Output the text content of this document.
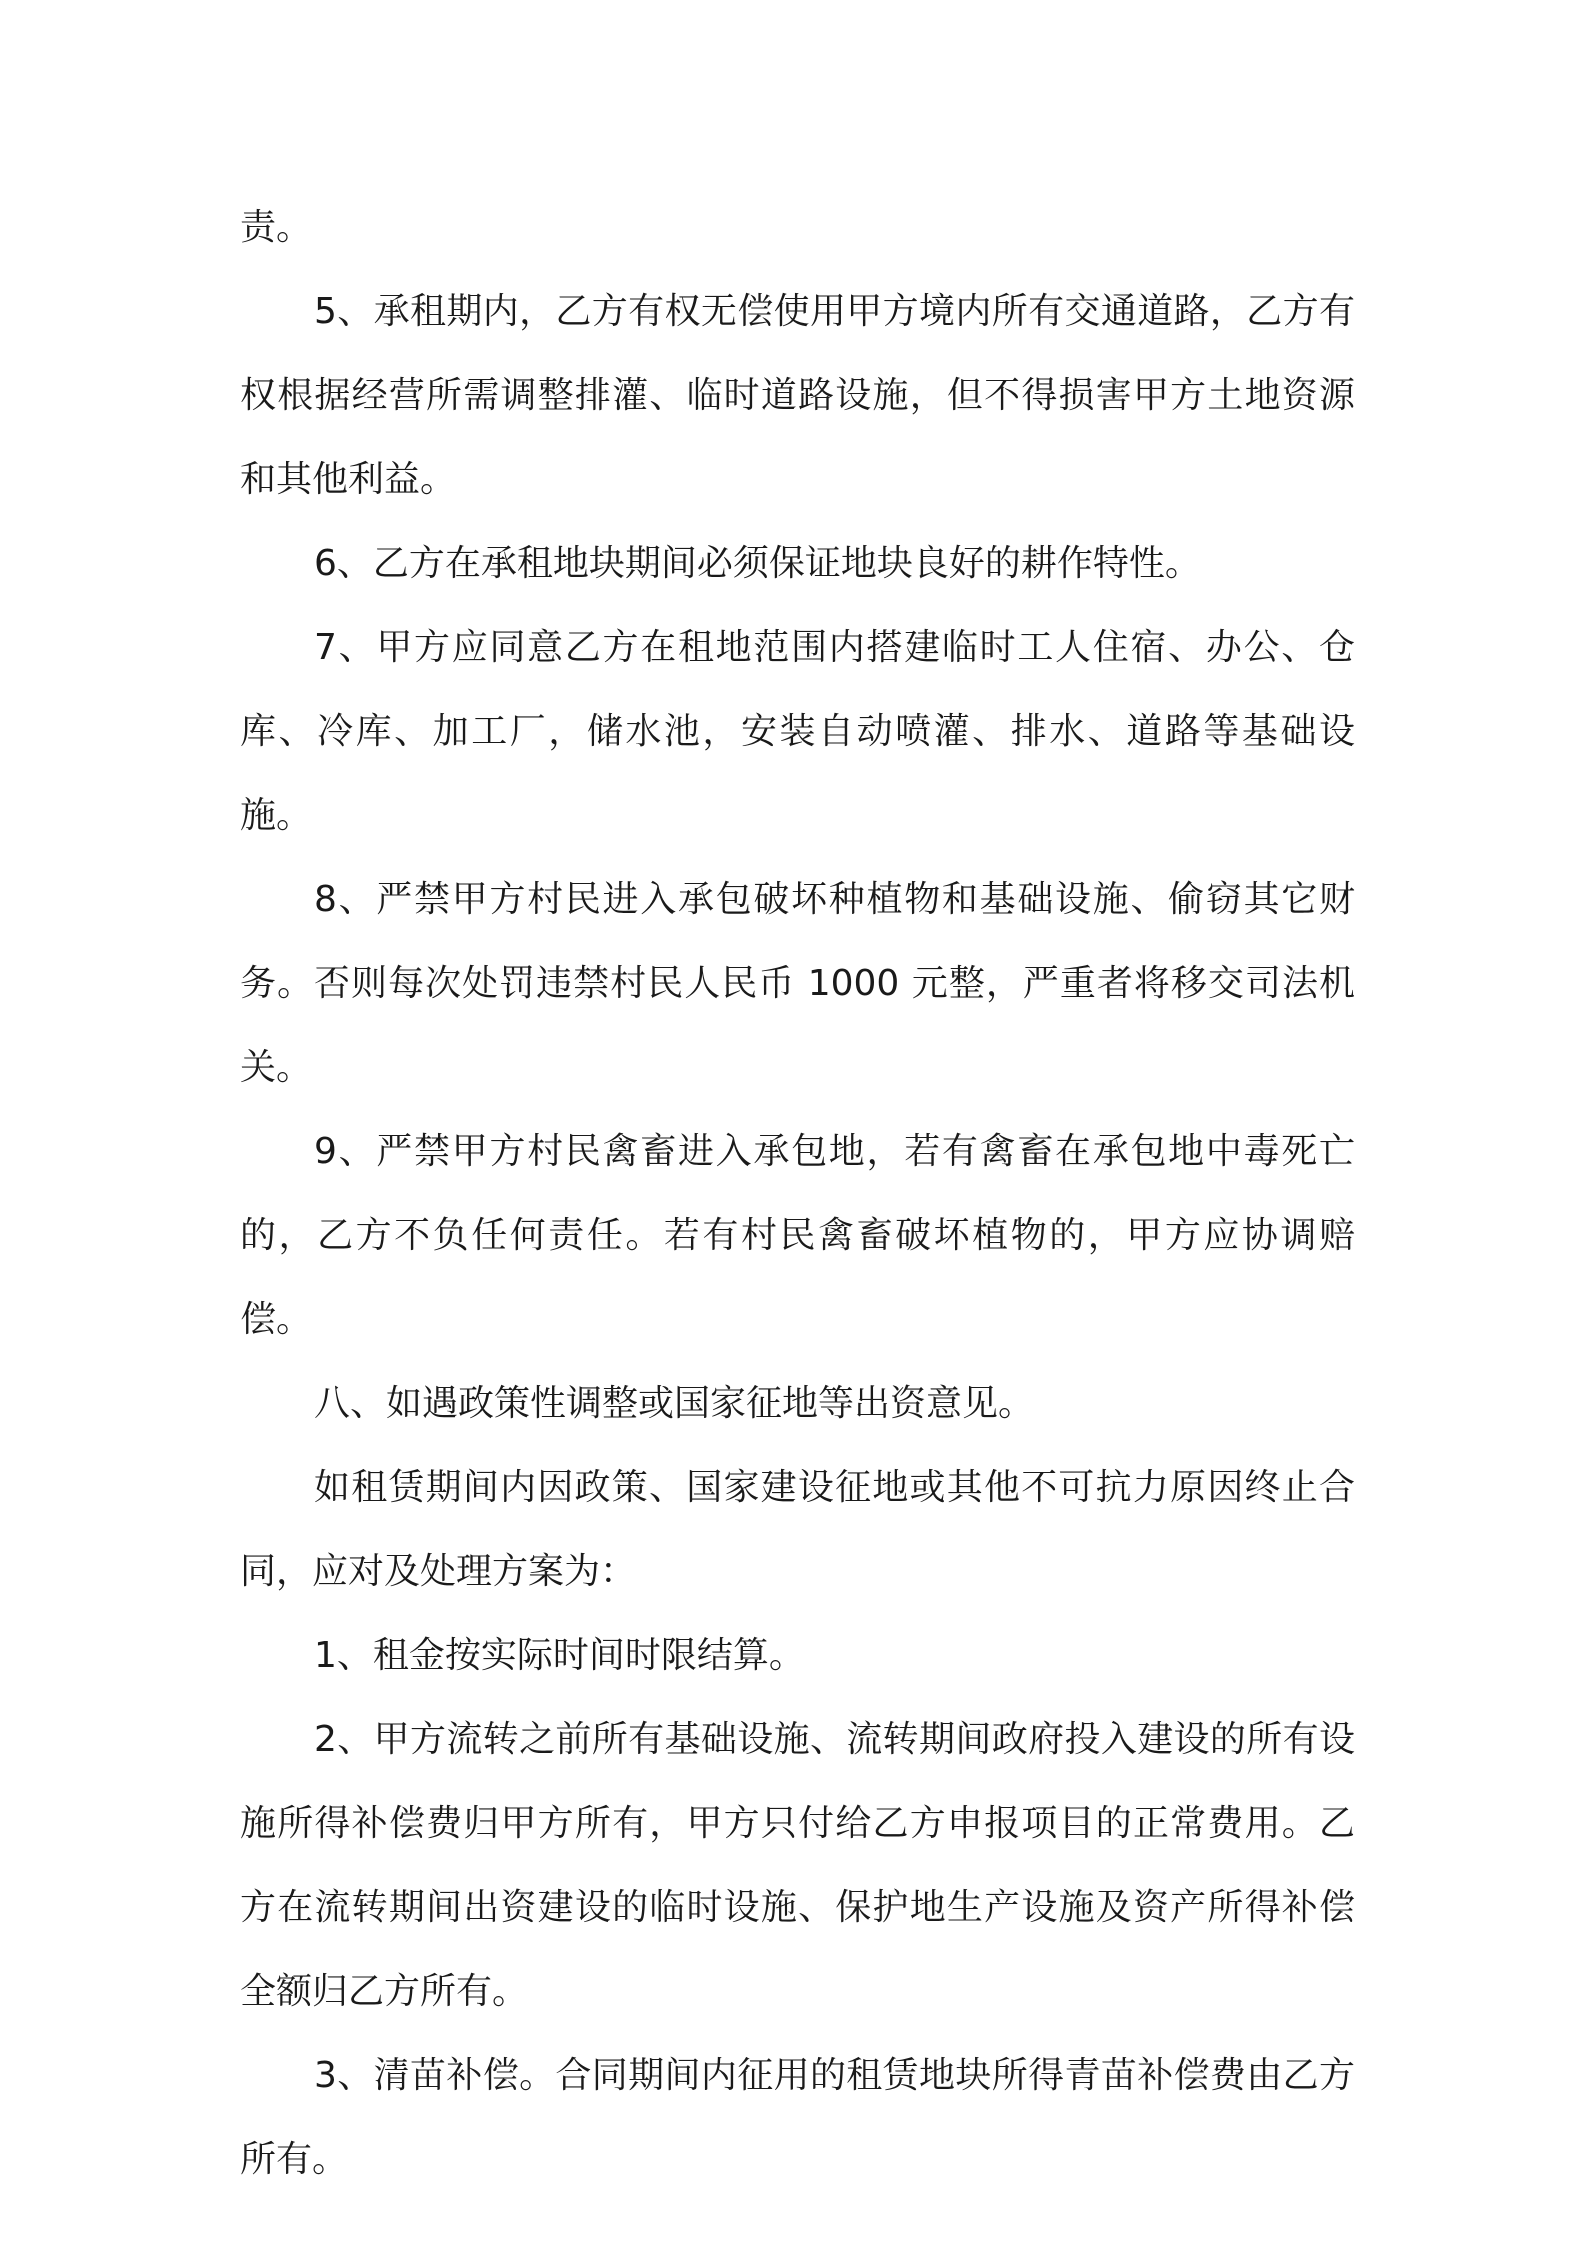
责。

5、承租期内，乙方有权无偿使用甲方境内所有交通道路，乙方有权根据经营所需调整排灌、临时道路设施，但不得损害甲方土地资源和其他利益。

6、乙方在承租地块期间必须保证地块良好的耕作特性。

7、甲方应同意乙方在租地范围内搭建临时工人住宿、办公、仓库、冷库、加工厂，储水池，安装自动喷灌、排水、道路等基础设施。

8、严禁甲方村民进入承包破坏种植物和基础设施、偷窃其它财务。否则每次处罚违禁村民人民币 1000 元整，严重者将移交司法机关。

9、严禁甲方村民禽畜进入承包地，若有禽畜在承包地中毒死亡的，乙方不负任何责任。若有村民禽畜破坏植物的，甲方应协调赔偿。

八、如遇政策性调整或国家征地等出资意见。

如租赁期间内因政策、国家建设征地或其他不可抗力原因终止合同，应对及处理方案为：

1、租金按实际时间时限结算。

2、甲方流转之前所有基础设施、流转期间政府投入建设的所有设施所得补偿费归甲方所有，甲方只付给乙方申报项目的正常费用。乙方在流转期间出资建设的临时设施、保护地生产设施及资产所得补偿全额归乙方所有。

3、清苗补偿。合同期间内征用的租赁地块所得青苗补偿费由乙方所有。
